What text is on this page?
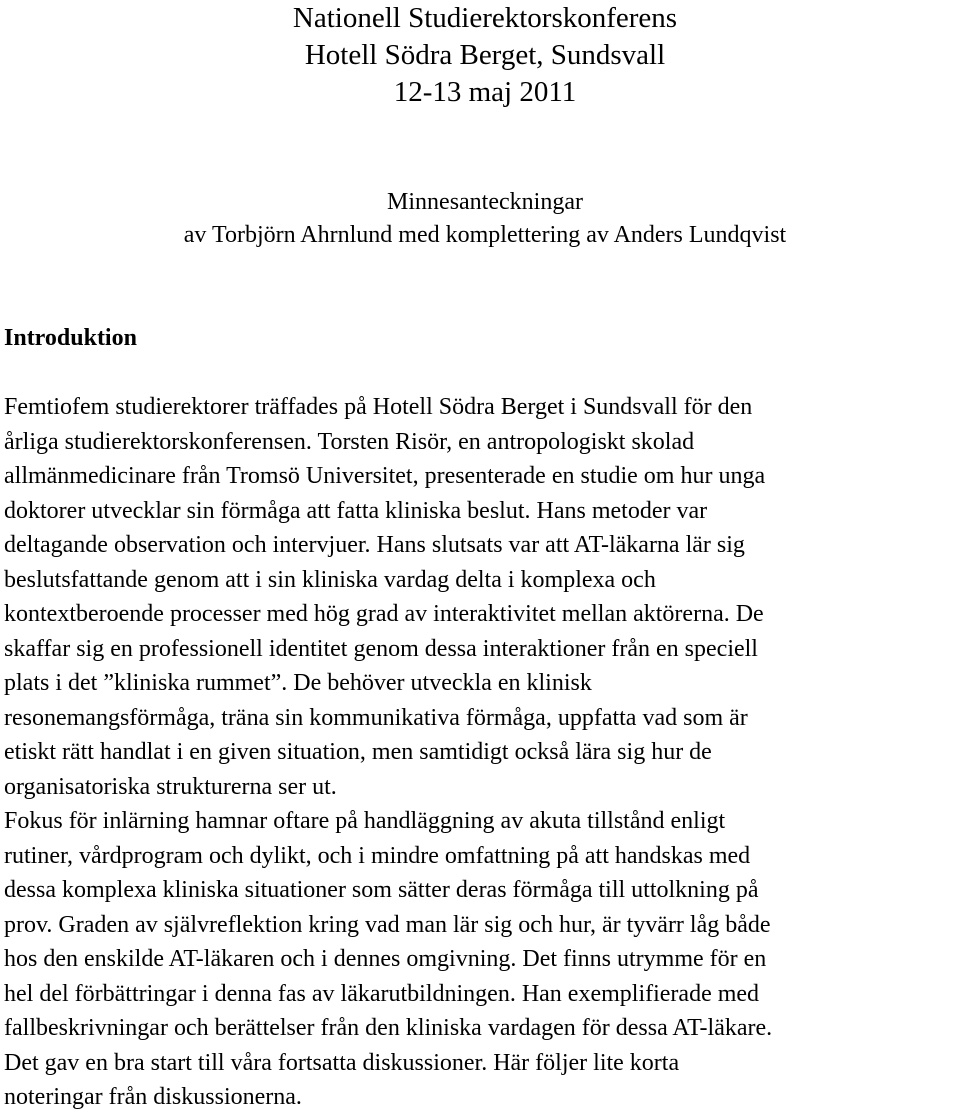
Nationell Studierektorskonferens
Hotell Södra Berget, Sundsvall
12-13 maj 2011
Minnesanteckningar
av Torbjörn Ahrnlund med komplettering av Anders Lundqvist
Introduktion
Femtiofem studierektorer träffades på Hotell Södra Berget i Sundsvall för den
årliga studierektorskonferensen. Torsten Risör, en antropologiskt skolad
allmänmedicinare från Tromsö Universitet, presenterade en studie om hur unga
doktorer utvecklar sin förmåga att fatta kliniska beslut. Hans metoder var
deltagande observation och intervjuer. Hans slutsats var att AT-läkarna lär sig
beslutsfattande genom att i sin kliniska vardag delta i komplexa och
kontextberoende processer med hög grad av interaktivitet mellan aktörerna. De
skaffar sig en professionell identitet genom dessa interaktioner från en speciell
plats i det ”kliniska rummet”. De behöver utveckla en klinisk
resonemangsförmåga, träna sin kommunikativa förmåga, uppfatta vad som är
etiskt rätt handlat i en given situation, men samtidigt också lära sig hur de
organisatoriska strukturerna ser ut.
Fokus för inlärning hamnar oftare på handläggning av akuta tillstånd enligt
rutiner, vårdprogram och dylikt, och i mindre omfattning på att handskas med
dessa komplexa kliniska situationer som sätter deras förmåga till uttolkning på
prov. Graden av självreflektion kring vad man lär sig och hur, är tyvärr låg både
hos den enskilde AT-läkaren och i dennes omgivning. Det finns utrymme för en
hel del förbättringar i denna fas av läkarutbildningen. Han exemplifierade med
fallbeskrivningar och berättelser från den kliniska vardagen för dessa AT-läkare.
Det gav en bra start till våra fortsatta diskussioner. Här följer lite korta
noteringar från diskussionerna.
